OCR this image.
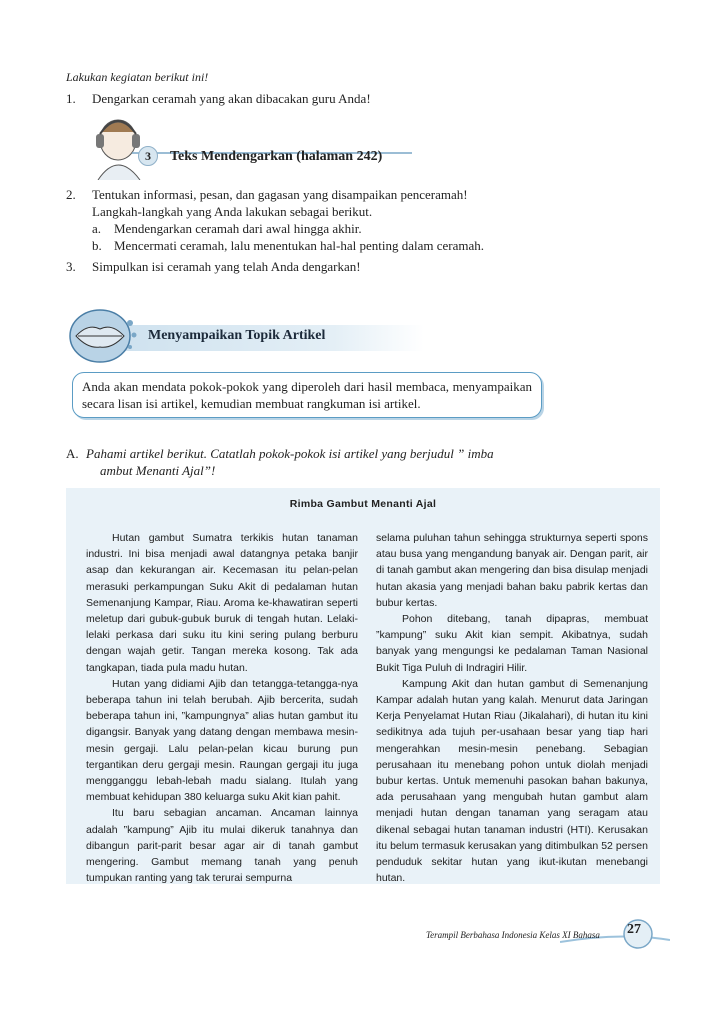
Lakukan kegiatan berikut ini!
1. Dengarkan ceramah yang akan dibacakan guru Anda!
3 Teks Mendengarkan (halaman 242)
2. Tentukan informasi, pesan, dan gagasan yang disampaikan penceramah!
Langkah-langkah yang Anda lakukan sebagai berikut.
a. Mendengarkan ceramah dari awal hingga akhir.
b. Mencermati ceramah, lalu menentukan hal-hal penting dalam ceramah.
3. Simpulkan isi ceramah yang telah Anda dengarkan!
Menyampaikan Topik Artikel
Anda akan mendata pokok-pokok yang diperoleh dari hasil membaca, menyampaikan secara lisan isi artikel, kemudian membuat rangkuman isi artikel.
A. Pahami artikel berikut. Catatlah pokok-pokok isi artikel yang berjudul ” imba
ambut Menanti Ajal”!
Rimba Gambut Menanti Ajal

Hutan gambut Sumatra terkikis hutan tanaman industri. Ini bisa menjadi awal datangnya petaka banjir asap dan kekurangan air. Kecemasan itu pelan-pelan merasuki perkampungan Suku Akit di pedalaman hutan Semenanjung Kampar, Riau. Aroma ke-khawatiran seperti meletup dari gubuk-gubuk buruk di tengah hutan. Lelaki-lelaki perkasa dari suku itu kini sering pulang berburu dengan wajah getir. Tangan mereka kosong. Tak ada tangkapan, tiada pula madu hutan.

Hutan yang didiami Ajib dan tetangga-tetangga-nya beberapa tahun ini telah berubah. Ajib bercerita, sudah beberapa tahun ini, ”kampungnya” alias hutan gambut itu digangsir. Banyak yang datang dengan membawa mesin-mesin gergaji. Lalu pelan-pelan kicau burung pun tergantikan deru gergaji mesin. Raungan gergaji itu juga mengganggu lebah-lebah madu sialang. Itulah yang membuat kehidupan 380 keluarga suku Akit kian pahit.

Itu baru sebagian ancaman. Ancaman lainnya adalah ”kampung” Ajib itu mulai dikeruk tanahnya dan dibangun parit-parit besar agar air di tanah gambut mengering. Gambut memang tanah yang penuh tumpukan ranting yang tak terurai sempurna

selama puluhan tahun sehingga strukturnya seperti spons atau busa yang mengandung banyak air. Dengan parit, air di tanah gambut akan mengering dan bisa disulap menjadi hutan akasia yang menjadi bahan baku pabrik kertas dan bubur kertas.

Pohon ditebang, tanah dipapras, membuat ”kampung” suku Akit kian sempit. Akibatnya, sudah banyak yang mengungsi ke pedalaman Taman Nasional Bukit Tiga Puluh di Indragiri Hilir.

Kampung Akit dan hutan gambut di Semenanjung Kampar adalah hutan yang kalah. Menurut data Jaringan Kerja Penyelamat Hutan Riau (Jikalahari), di hutan itu kini sedikitnya ada tujuh per-usahaan besar yang tiap hari mengerahkan mesin-mesin penebang. Sebagian perusahaan itu menebang pohon untuk diolah menjadi bubur kertas. Untuk memenuhi pasokan bahan bakunya, ada perusahaan yang mengubah hutan gambut alam menjadi hutan dengan tanaman yang seragam atau dikenal sebagai hutan tanaman industri (HTI). Kerusakan itu belum termasuk kerusakan yang ditimbulkan 52 persen penduduk sekitar hutan yang ikut-ikutan menebangi hutan.

Terampil Berbahasa Indonesia Kelas XI Bahasa 27
